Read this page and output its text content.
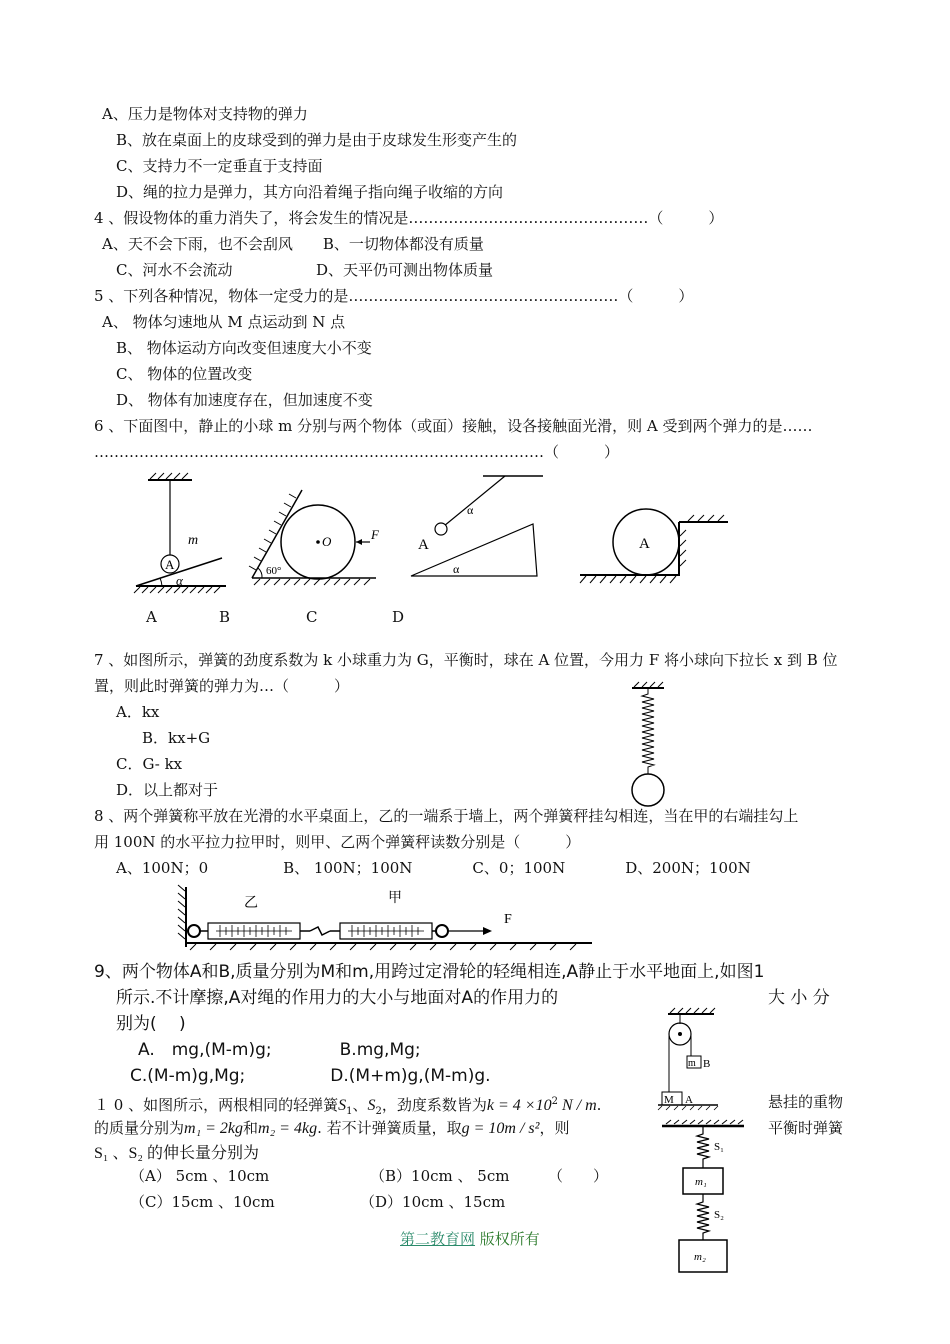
A、压力是物体对支持物的弹力
B、放在桌面上的皮球受到的弹力是由于皮球发生形变产生的
C、支持力不一定垂直于支持面
D、绳的拉力是弹力，其方向沿着绳子指向绳子收缩的方向
4 、假设物体的重力消失了，将会发生的情况是…………………………………………（　　　）
A、天不会下雨，也不会刮风　　B、一切物体都没有质量
C、河水不会流动	D、天平仍可测出物体质量
5 、下列各种情况，物体一定受力的是………………………………………………（　　　）
A、 物体匀速地从 M 点运动到 N 点
B、 物体运动方向改变但速度大小不变
C、 物体的位置改变
D、 物体有加速度存在，但加速度不变
6 、下面图中，静止的小球 m 分别与两个物体（或面）接触，设各接触面光滑，则 A 受到两个弹力的是……
………………………………………………………………………………（　　　）
A
m
α
O	F
60°
A
α
α
A
A	B	C	D
7 、如图所示，弹簧的劲度系数为 k 小球重力为 G，平衡时，球在 A 位置，今用力 F 将小球向下拉长 x 到 B 位
置，则此时弹簧的弹力为…（　　　）
A．kx
B．kx+G
C．G- kx
D．以上都对于
8 、两个弹簧称平放在光滑的水平桌面上，乙的一端系于墙上，两个弹簧秤挂勾相连，当在甲的右端挂勾上
用 100N 的水平拉力拉甲时，则甲、乙两个弹簧秤读数分别是（　　　）
A、100N；0　　　　　B、 100N；100N　　　　C、0；100N　　　　D、200N；100N
乙	甲
F
9、两个物体A和B,质量分别为M和m,用跨过定滑轮的轻绳相连,A静止于水平地面上,如图1
所示.不计摩擦,A对绳的作用力的大小与地面对A的作用力的	大 小 分
别为(　 )
A.　mg,(M-m)g;　　　　B.mg,Mg;
C.(M-m)g,Mg;　　　　　D.(M+m)g,(M-m)g.
m B
M A
１ 0 、如图所示，两根相同的轻弹簧$S_1$、$S_2$，劲度系数皆为$k = 4 \times 10^2$ N / m.	悬挂的重物
的质量分别为m₁ = 2kg和m₂ = 4kg. 若不计弹簧质量，取g = 10m / s²，则	平衡时弹簧
S₁ 、S₂ 的伸长量分别为
（A） 5cm 、10cm	（B）10cm 、 5cm	（　　）
（C）15cm 、10cm	（D）10cm 、15cm
S₁
m₁
S₂
m₂
第二教育网 版权所有
